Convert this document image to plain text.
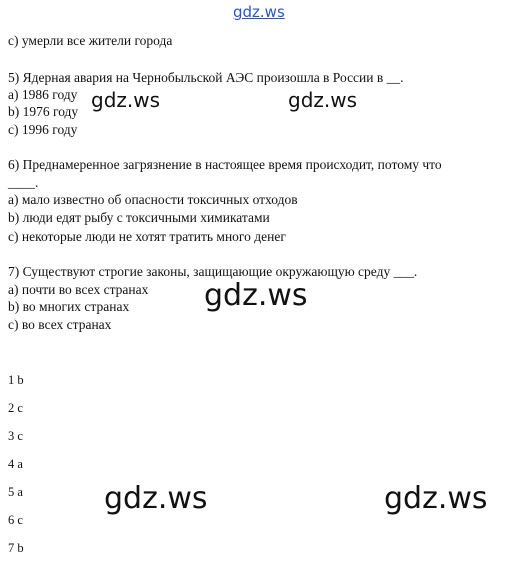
gdz.ws
c) умерли все жители города
5) Ядерная авария на Чернобыльской АЭС произошла в России в __.
a) 1986 году
b) 1976 году
c) 1996 году
gdz.ws	gdz.ws
6) Преднамеренное загрязнение в настоящее время происходит, потому что
____.
a) мало известно об опасности токсичных отходов
b) люди едят рыбу с токсичными химикатами
c) некоторые люди не хотят тратить много денег
7) Существуют строгие законы, защищающие окружающую среду ___.
a) почти во всех странах
b) во многих странах
c) во всех странах
gdz.ws
1 b
2 c
3 c
4 a
5 a
6 c
7 b
gdz.ws	gdz.ws
